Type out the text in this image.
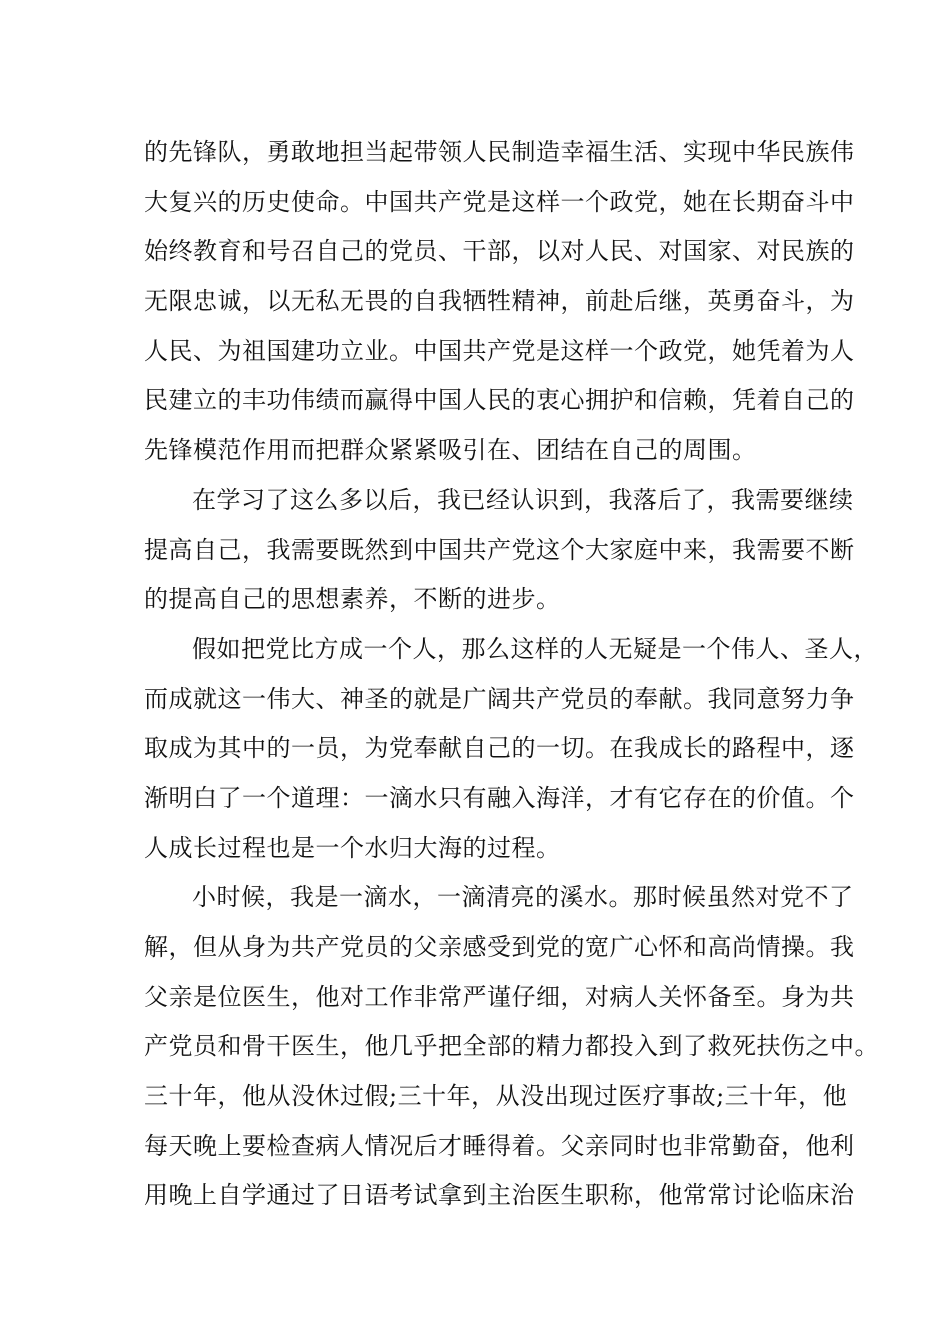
的先锋队，勇敢地担当起带领人民制造幸福生活、实现中华民族伟
大复兴的历史使命。中国共产党是这样一个政党，她在长期奋斗中
始终教育和号召自己的党员、干部，以对人民、对国家、对民族的
无限忠诚，以无私无畏的自我牺牲精神，前赴后继，英勇奋斗，为
人民、为祖国建功立业。中国共产党是这样一个政党，她凭着为人
民建立的丰功伟绩而赢得中国人民的衷心拥护和信赖，凭着自己的
先锋模范作用而把群众紧紧吸引在、团结在自己的周围。
在学习了这么多以后，我已经认识到，我落后了，我需要继续
提高自己，我需要既然到中国共产党这个大家庭中来，我需要不断
的提高自己的思想素养，不断的进步。
假如把党比方成一个人，那么这样的人无疑是一个伟人、圣人，
而成就这一伟大、神圣的就是广阔共产党员的奉献。我同意努力争
取成为其中的一员，为党奉献自己的一切。在我成长的路程中，逐
渐明白了一个道理：一滴水只有融入海洋，才有它存在的价值。个
人成长过程也是一个水归大海的过程。
小时候，我是一滴水，一滴清亮的溪水。那时候虽然对党不了
解，但从身为共产党员的父亲感受到党的宽广心怀和高尚情操。我
父亲是位医生，他对工作非常严谨仔细，对病人关怀备至。身为共
产党员和骨干医生，他几乎把全部的精力都投入到了救死扶伤之中。
三十年，他从没休过假;三十年，从没出现过医疗事故;三十年，他
每天晚上要检查病人情况后才睡得着。父亲同时也非常勤奋，他利
用晚上自学通过了日语考试拿到主治医生职称，他常常讨论临床治
